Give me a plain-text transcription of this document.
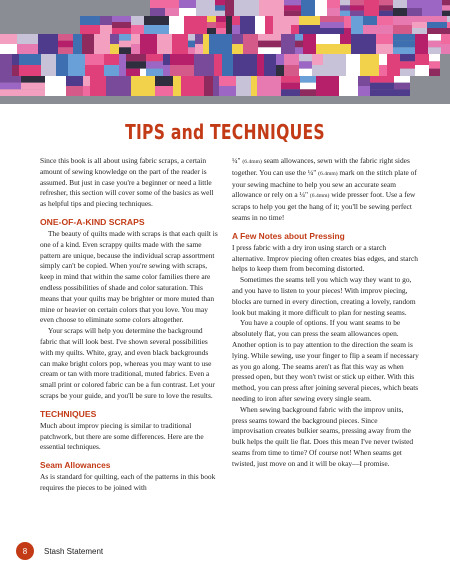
TIPS and TECHNIQUES

Since this book is all about using fabric scraps, a certain amount of sewing knowledge on the part of the reader is assumed. But just in case you're a beginner or need a little refresher, this section will cover some of the basics as well as helpful tips and piecing techniques.

ONE-OF-A-KIND SCRAPS

The beauty of quilts made with scraps is that each quilt is one of a kind. Even scrappy quilts made with the same pattern are unique, because the individual scrap assortment simply can't be copied. When you're sewing with scraps, keep in mind that within the same color families there are endless possibilities of shade and color saturation. This means that your quilts may be brighter or more muted than mine or heavier on certain colors that you love. You may even choose to eliminate some colors altogether.

Your scraps will help you determine the background fabric that will look best. I've shown several possibilities with my quilts. White, gray, and even black backgrounds can make bright colors pop, whereas you may want to use cream or tan with more traditional, muted fabrics. Even a small print or colored fabric can be a fun contrast. Let your scraps be your guide, and you'll be sure to love the results.

TECHNIQUES

Much about improv piecing is similar to traditional patchwork, but there are some differences. Here are the essential techniques.

Seam Allowances

As is standard for quilting, each of the patterns in this book requires the pieces to be joined with

¼" (6.4mm) seam allowances, sewn with the fabric right sides together. You can use the ¼" (6.4mm) mark on the stitch plate of your sewing machine to help you sew an accurate seam allowance or rely on a ¼" (6.4mm) wide presser foot. Use a few scraps to help you get the hang of it; you'll be sewing perfect seams in no time!

A Few Notes about Pressing

I press fabric with a dry iron using starch or a starch alternative. Improv piecing often creates bias edges, and starch helps to keep them from becoming distorted.

Sometimes the seams tell you which way they want to go, and you have to listen to your pieces! With improv piecing, blocks are turned in every direction, creating a lovely, random look but making it more difficult to plan for nesting seams.

You have a couple of options. If you want seams to be absolutely flat, you can press the seam allowances open. Another option is to pay attention to the direction the seam is lying. While sewing, use your finger to flip a seam if necessary as you go along. The seams aren't as flat this way as when pressed open, but they won't twist or stick up either. With this method, you can press after joining several pieces, which beats needing to iron after sewing every single seam.

When sewing background fabric with the improv units, press seams toward the background pieces. Since improvisation creates bulkier seams, pressing away from the bulk helps the quilt lie flat. Does this mean I've never twisted seams from time to time? Of course not! When seams get twisted, just move on and it will be okay—I promise.

8	Stash Statement
